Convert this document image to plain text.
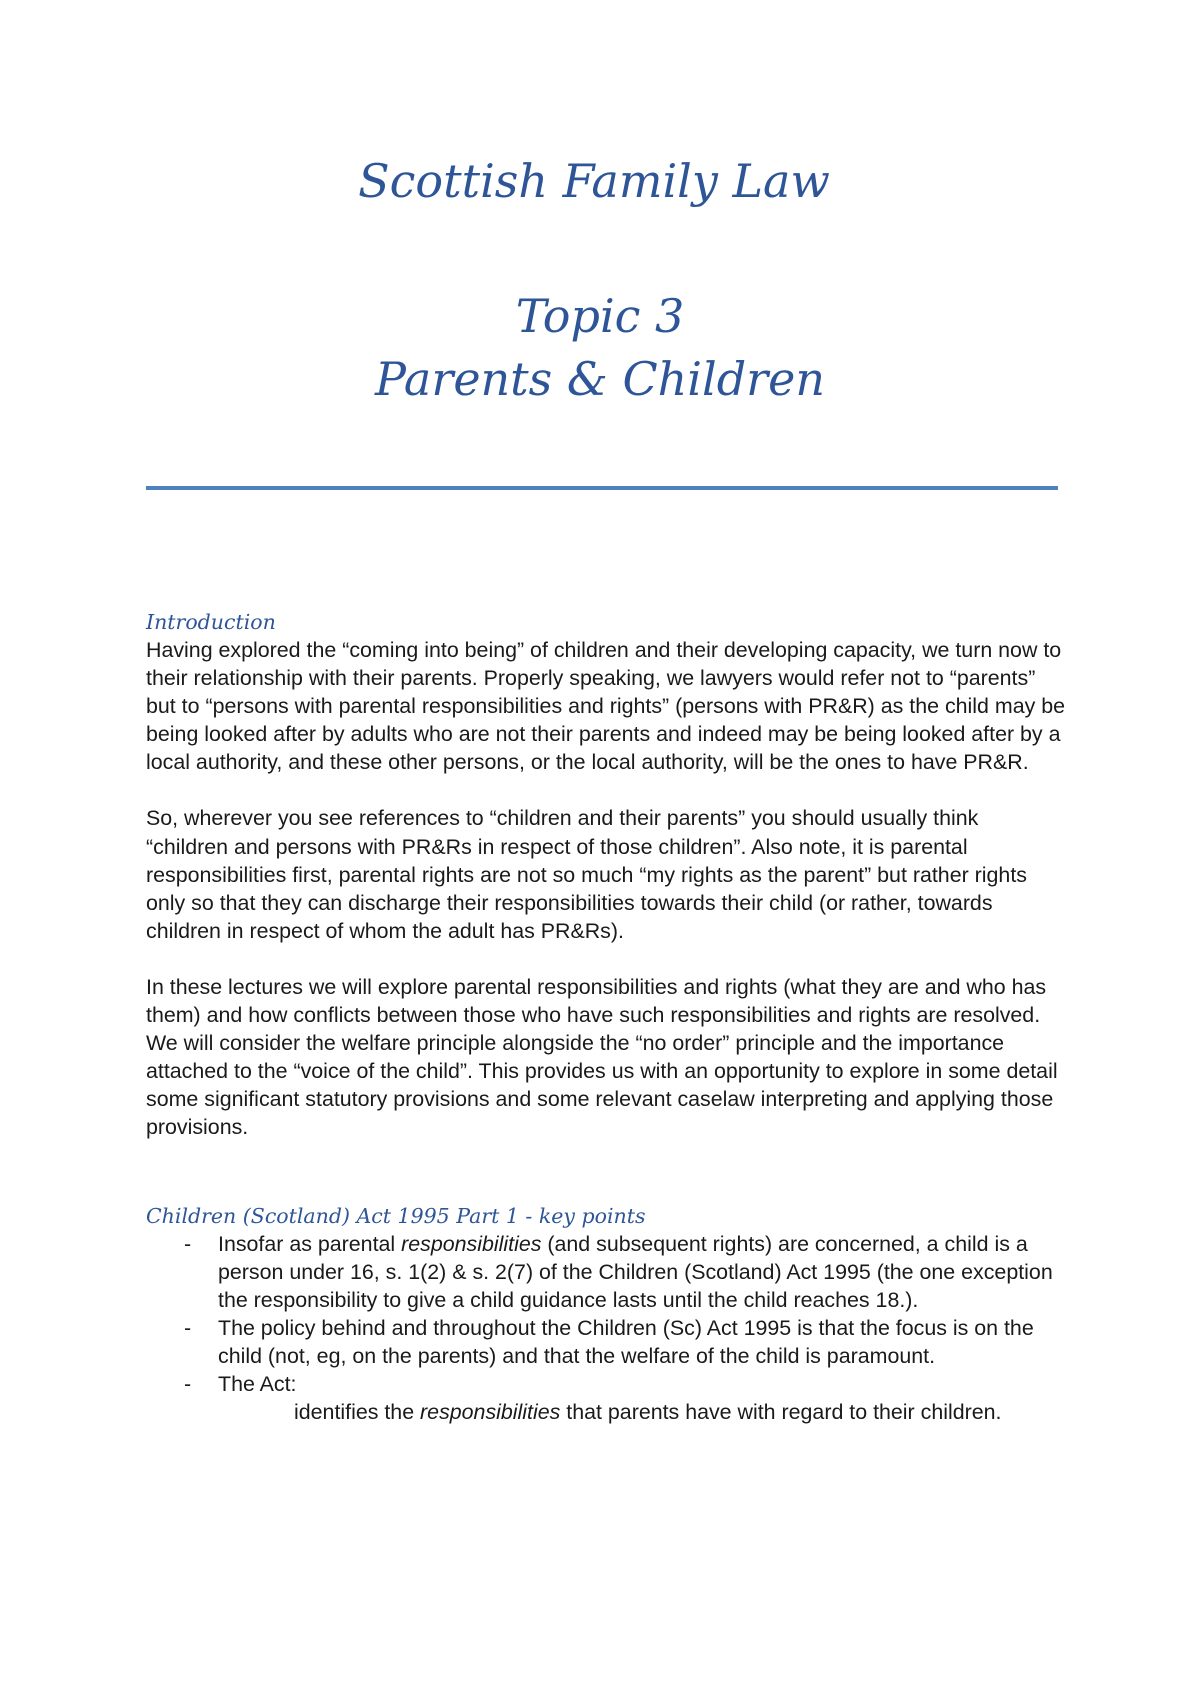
Scottish Family Law
Topic 3
Parents & Children
Introduction

Having explored the “coming into being” of children and their developing capacity, we turn now to their relationship with their parents. Properly speaking, we lawyers would refer not to “parents” but to “persons with parental responsibilities and rights” (persons with PR&R) as the child may be being looked after by adults who are not their parents and indeed may be being looked after by a local authority, and these other persons, or the local authority, will be the ones to have PR&R.

So, wherever you see references to “children and their parents” you should usually think “children and persons with PR&Rs in respect of those children”. Also note, it is parental responsibilities first, parental rights are not so much “my rights as the parent” but rather rights only so that they can discharge their responsibilities towards their child (or rather, towards children in respect of whom the adult has PR&Rs).

In these lectures we will explore parental responsibilities and rights (what they are and who has them) and how conflicts between those who have such responsibilities and rights are resolved. We will consider the welfare principle alongside the “no order” principle and the importance attached to the “voice of the child”. This provides us with an opportunity to explore in some detail some significant statutory provisions and some relevant caselaw interpreting and applying those provisions.

Children (Scotland) Act 1995 Part 1 - key points
- Insofar as parental responsibilities (and subsequent rights) are concerned, a child is a person under 16, s. 1(2) & s. 2(7) of the Children (Scotland) Act 1995 (the one exception the responsibility to give a child guidance lasts until the child reaches 18.).
- The policy behind and throughout the Children (Sc) Act 1995 is that the focus is on the child (not, eg, on the parents) and that the welfare of the child is paramount.
- The Act:
identifies the responsibilities that parents have with regard to their children.
